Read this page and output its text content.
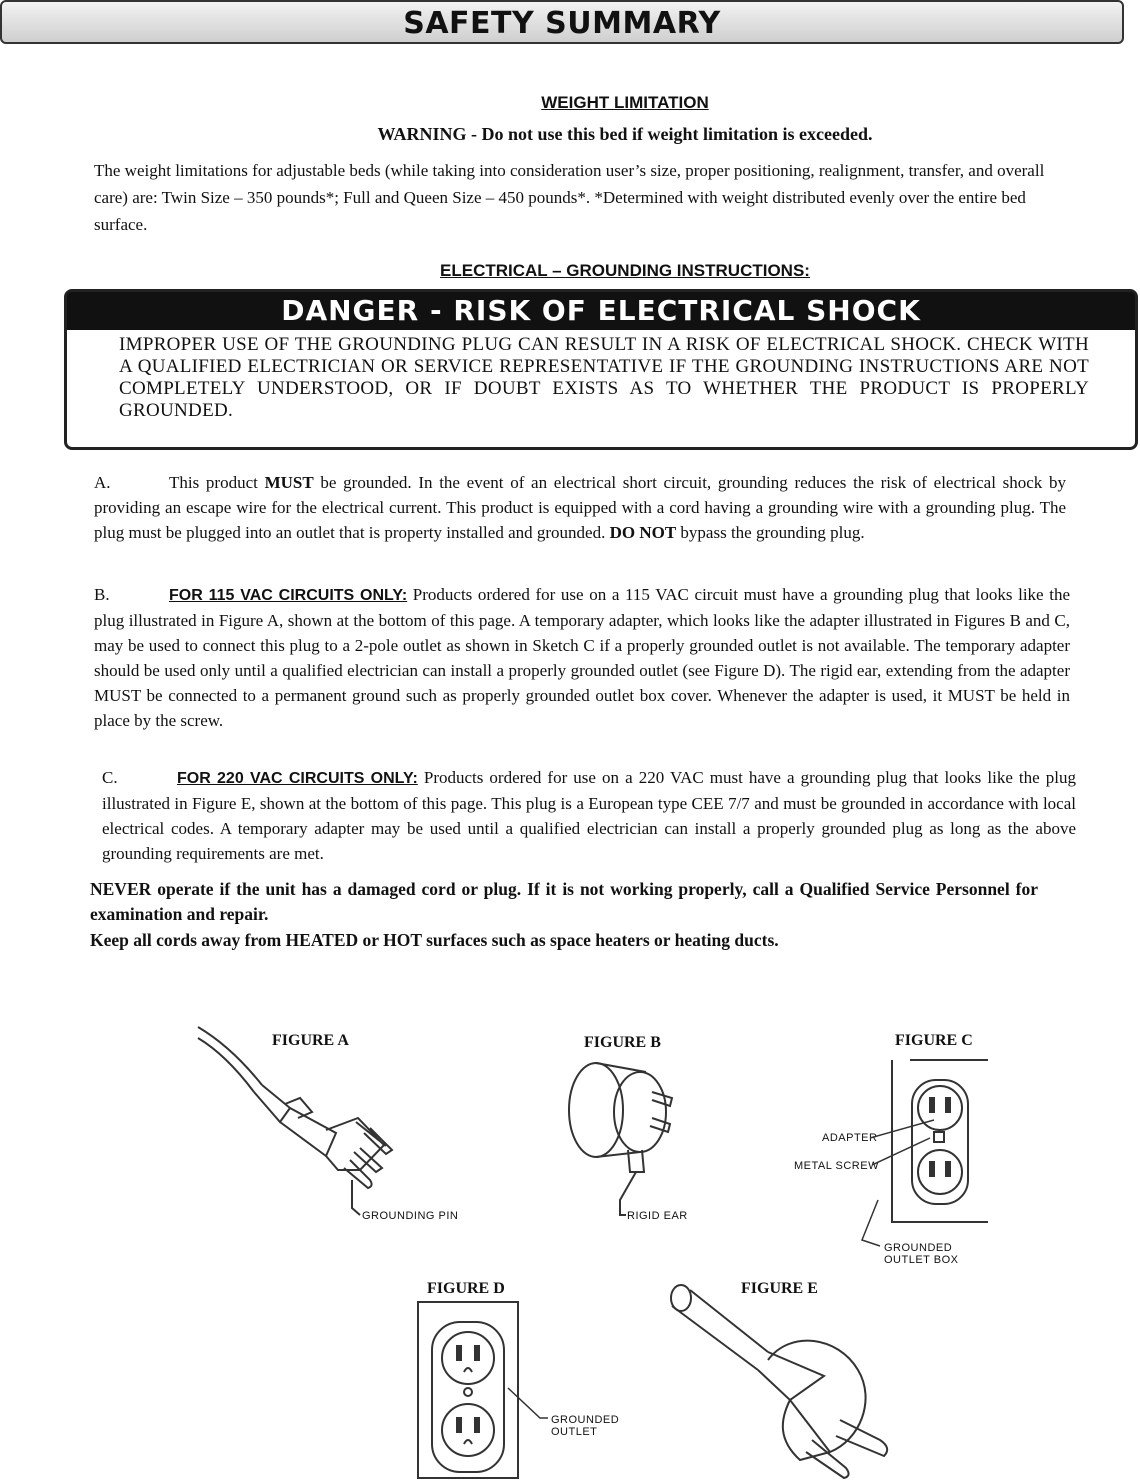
SAFETY SUMMARY
WEIGHT LIMITATION
WARNING - Do not use this bed if weight limitation is exceeded.
The weight limitations for adjustable beds (while taking into consideration user’s size, proper positioning, realignment, transfer, and overall care) are: Twin Size – 350 pounds*; Full and Queen Size – 450 pounds*. *Determined with weight distributed evenly over the entire bed surface.
ELECTRICAL – GROUNDING INSTRUCTIONS:
DANGER - RISK OF ELECTRICAL SHOCK
IMPROPER USE OF THE GROUNDING PLUG CAN RESULT IN A RISK OF ELECTRICAL SHOCK. CHECK WITH A QUALIFIED ELECTRICIAN OR SERVICE REPRESENTATIVE IF THE GROUNDING INSTRUCTIONS ARE NOT COMPLETELY UNDERSTOOD, OR IF DOUBT EXISTS AS TO WHETHER THE PRODUCT IS PROPERLY GROUNDED.
A.	This product MUST be grounded. In the event of an electrical short circuit, grounding reduces the risk of electrical shock by providing an escape wire for the electrical current. This product is equipped with a cord having a grounding wire with a grounding plug. The plug must be plugged into an outlet that is property installed and grounded. DO NOT bypass the grounding plug.
B.	FOR 115 VAC CIRCUITS ONLY: Products ordered for use on a 115 VAC circuit must have a grounding plug that looks like the plug illustrated in Figure A, shown at the bottom of this page. A temporary adapter, which looks like the adapter illustrated in Figures B and C, may be used to connect this plug to a 2-pole outlet as shown in Sketch C if a properly grounded outlet is not available. The temporary adapter should be used only until a qualified electrician can install a properly grounded outlet (see Figure D). The rigid ear, extending from the adapter MUST be connected to a permanent ground such as properly grounded outlet box cover. Whenever the adapter is used, it MUST be held in place by the screw.
C.	FOR 220 VAC CIRCUITS ONLY: Products ordered for use on a 220 VAC must have a grounding plug that looks like the plug illustrated in Figure E, shown at the bottom of this page. This plug is a European type CEE 7/7 and must be grounded in accordance with local electrical codes. A temporary adapter may be used until a qualified electrician can install a properly grounded plug as long as the above grounding requirements are met.
NEVER operate if the unit has a damaged cord or plug. If it is not working properly, call a Qualified Service Personnel for examination and repair.
Keep all cords away from HEATED or HOT surfaces such as space heaters or heating ducts.
FIGURE A
GROUNDING PIN
FIGURE B
RIGID EAR
FIGURE C
ADAPTER
METAL SCREW
GROUNDED
OUTLET BOX
FIGURE D
GROUNDED
OUTLET
FIGURE E
